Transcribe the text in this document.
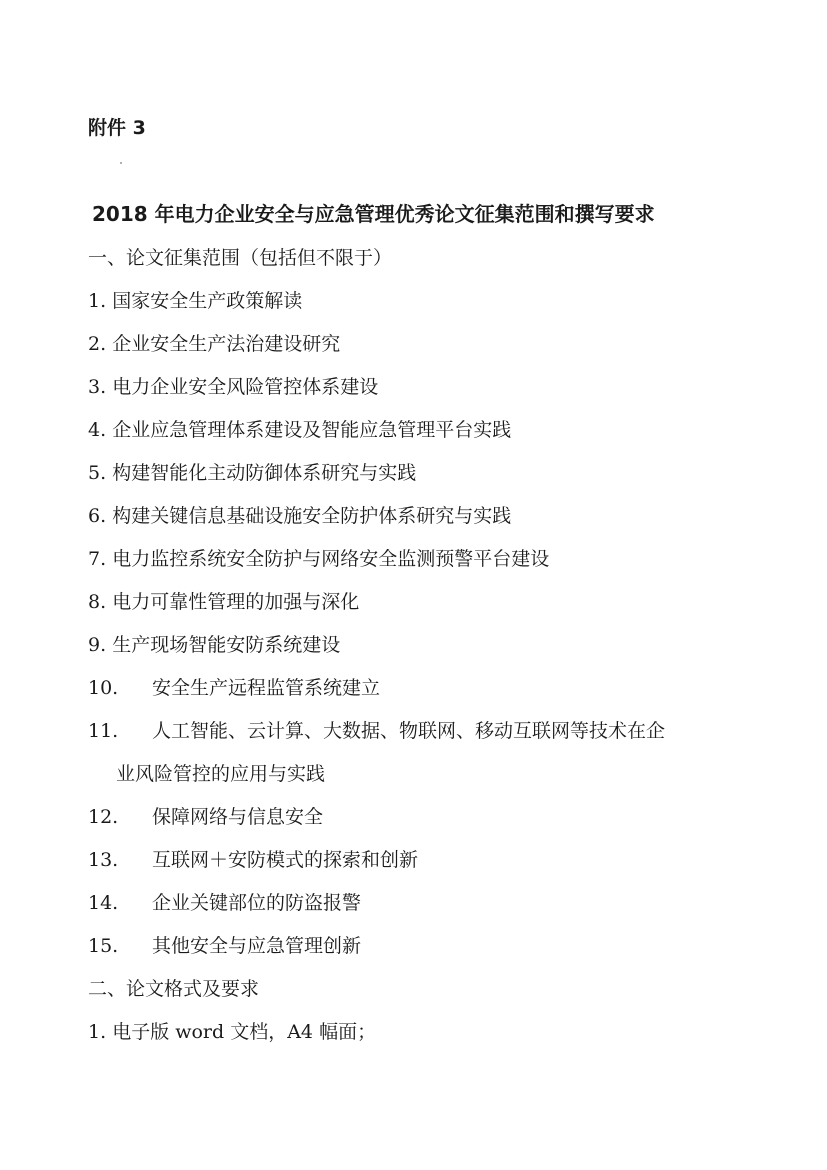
附件 3

2018 年电力企业安全与应急管理优秀论文征集范围和撰写要求

一、论文征集范围（包括但不限于）

1. 国家安全生产政策解读

2. 企业安全生产法治建设研究

3. 电力企业安全风险管控体系建设

4. 企业应急管理体系建设及智能应急管理平台实践

5. 构建智能化主动防御体系研究与实践

6. 构建关键信息基础设施安全防护体系研究与实践

7. 电力监控系统安全防护与网络安全监测预警平台建设

8. 电力可靠性管理的加强与深化

9. 生产现场智能安防系统建设

10. 安全生产远程监管系统建立

11. 人工智能、云计算、大数据、物联网、移动互联网等技术在企

业风险管控的应用与实践

12. 保障网络与信息安全

13. 互联网＋安防模式的探索和创新

14. 企业关键部位的防盗报警

15. 其他安全与应急管理创新

二、论文格式及要求

1. 电子版 word 文档，A4 幅面；
